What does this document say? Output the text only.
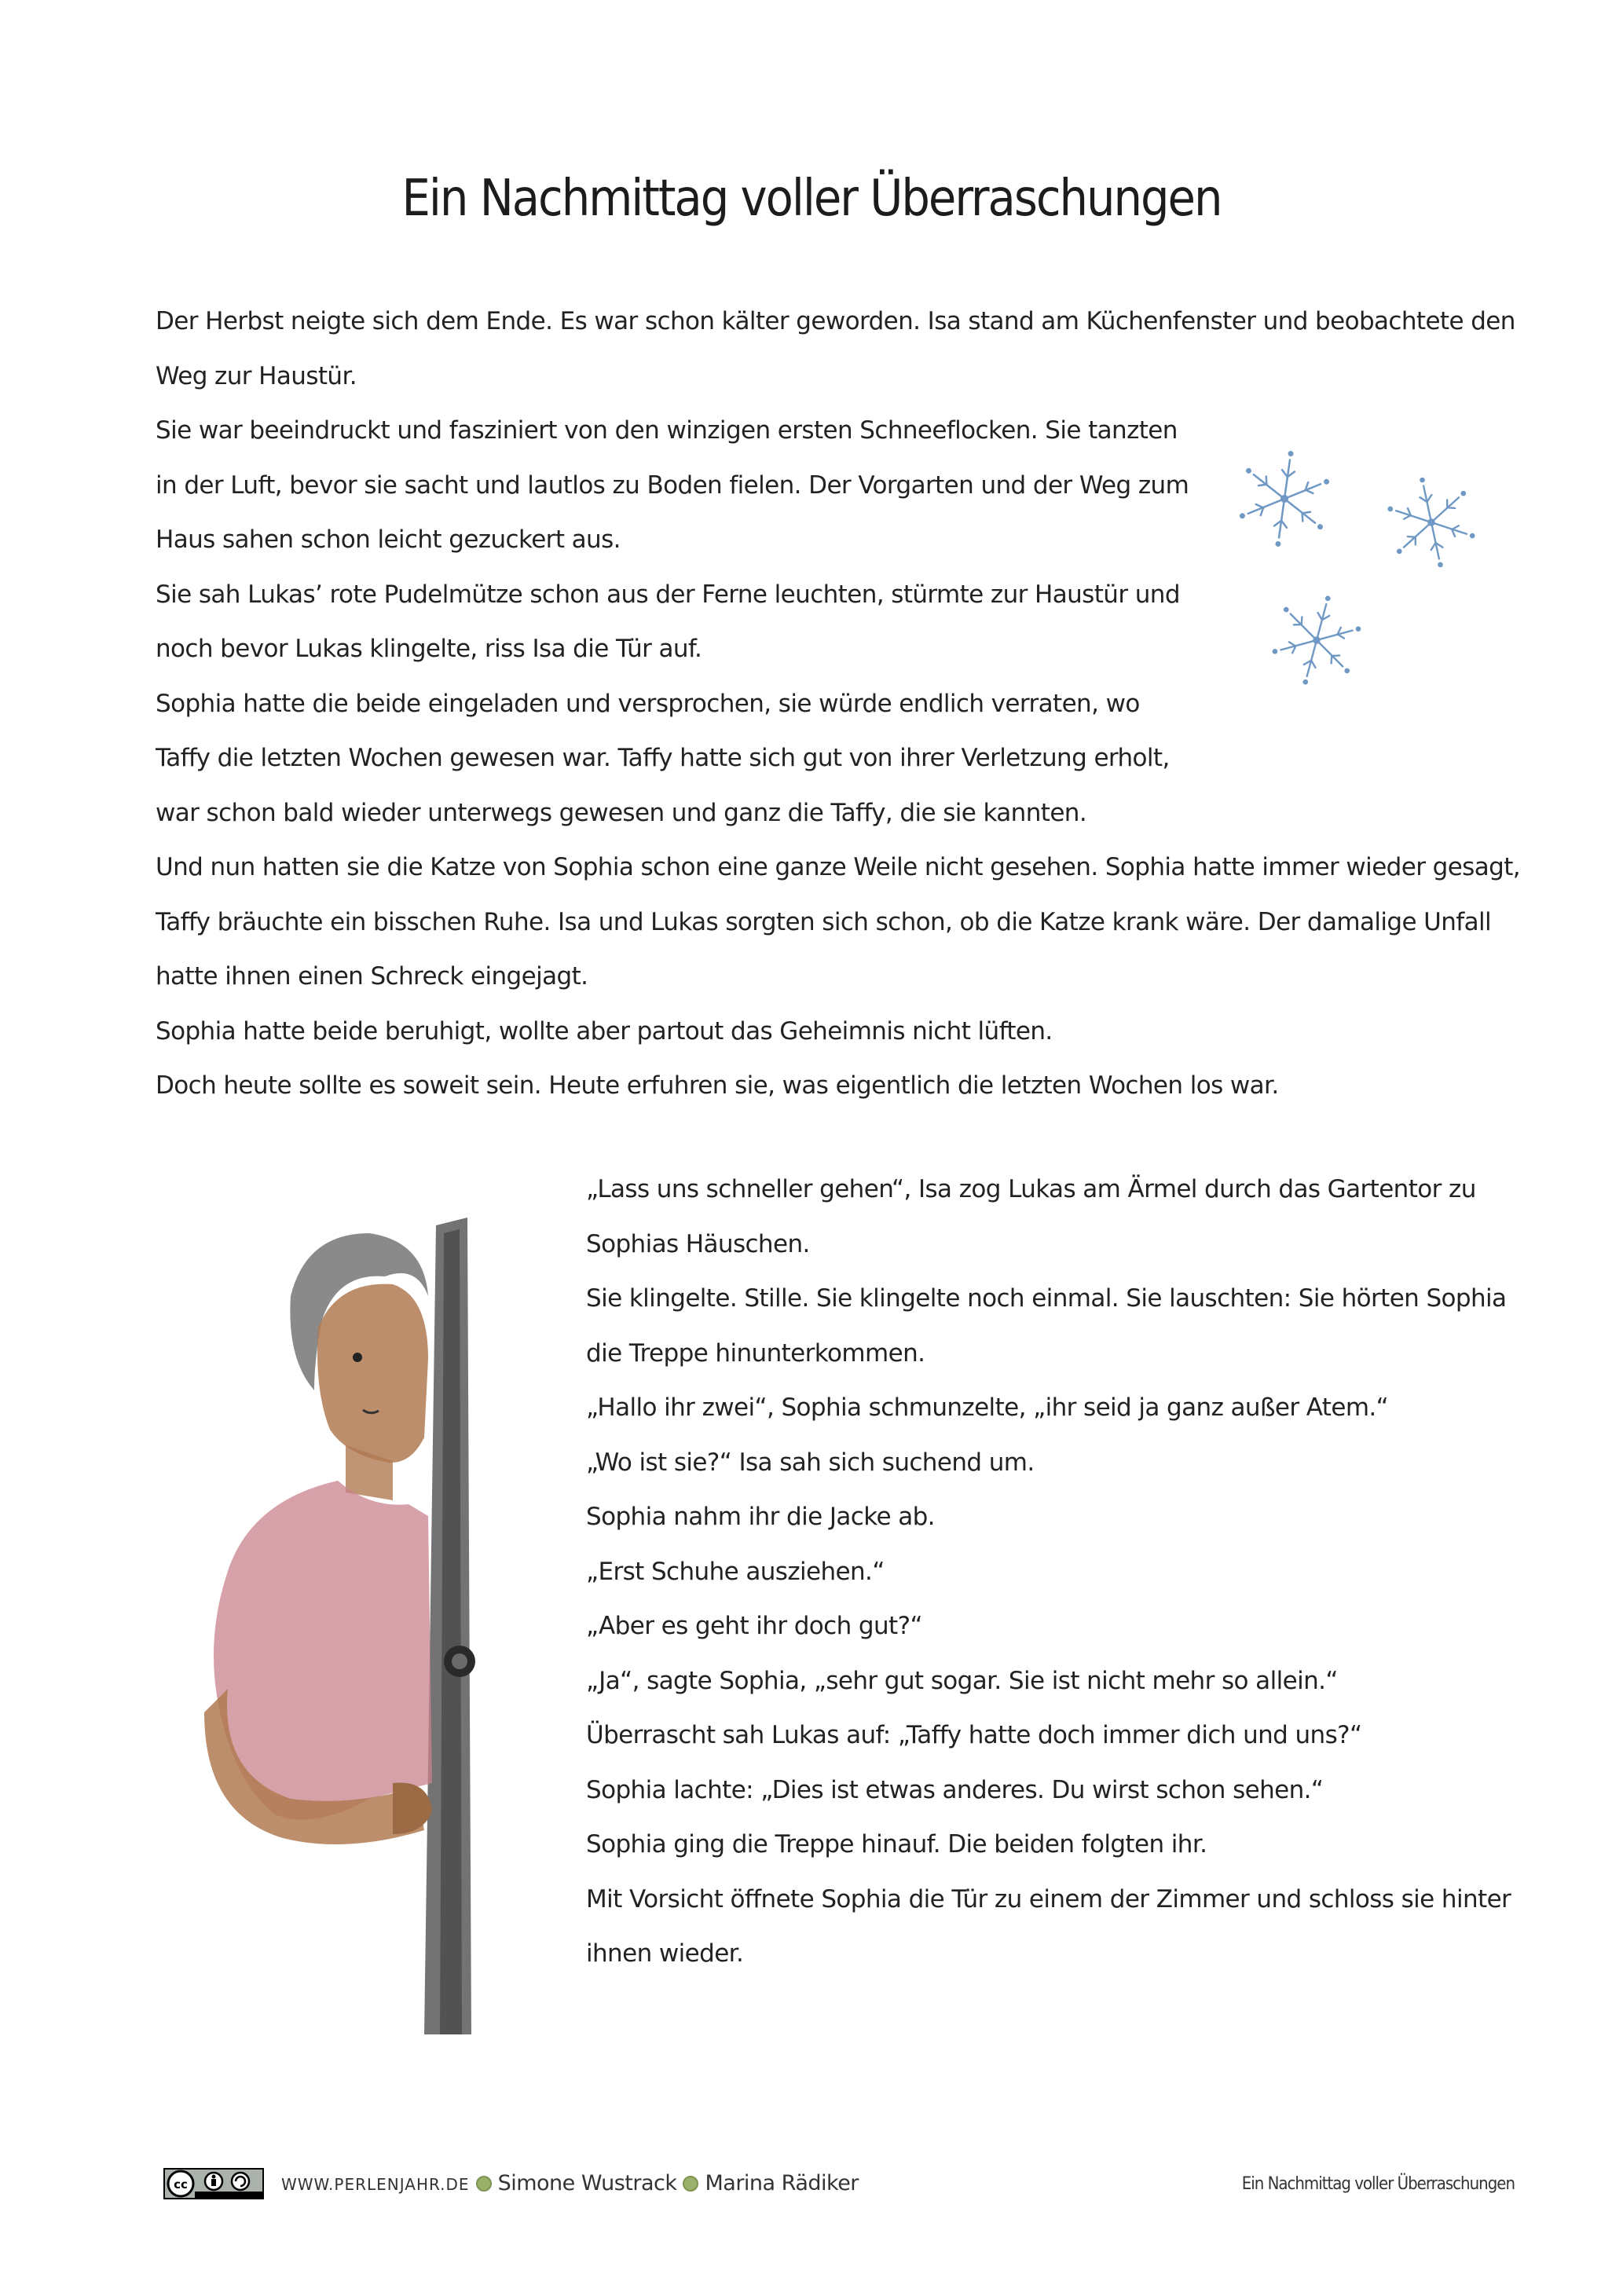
Ein Nachmittag voller Überraschungen

Der Herbst neigte sich dem Ende. Es war schon kälter geworden. Isa stand am Küchenfenster und beobachtete den Weg zur Haustür.

Sie war beeindruckt und fasziniert von den winzigen ersten Schneeflocken. Sie tanzten in der Luft, bevor sie sacht und lautlos zu Boden fielen. Der Vorgarten und der Weg zum Haus sahen schon leicht gezuckert aus.

Sie sah Lukas’ rote Pudelmütze schon aus der Ferne leuchten, stürmte zur Haustür und noch bevor Lukas klingelte, riss Isa die Tür auf.

Sophia hatte die beide eingeladen und versprochen, sie würde endlich verraten, wo Taffy die letzten Wochen gewesen war. Taffy hatte sich gut von ihrer Verletzung erholt, war schon bald wieder unterwegs gewesen und ganz die Taffy, die sie kannten.

Und nun hatten sie die Katze von Sophia schon eine ganze Weile nicht gesehen. Sophia hatte immer wieder gesagt, Taffy bräuchte ein bisschen Ruhe. Isa und Lukas sorgten sich schon, ob die Katze krank wäre. Der damalige Unfall hatte ihnen einen Schreck eingejagt.

Sophia hatte beide beruhigt, wollte aber partout das Geheimnis nicht lüften.

Doch heute sollte es soweit sein. Heute erfuhren sie, was eigentlich die letzten Wochen los war.

„Lass uns schneller gehen“, Isa zog Lukas am Ärmel durch das Gartentor zu Sophias Häuschen.

Sie klingelte. Stille. Sie klingelte noch einmal. Sie lauschten: Sie hörten Sophia die Treppe hinunterkommen.

„Hallo ihr zwei“, Sophia schmunzelte, „ihr seid ja ganz außer Atem.“

„Wo ist sie?“ Isa sah sich suchend um.

Sophia nahm ihr die Jacke ab.

„Erst Schuhe ausziehen.“

„Aber es geht ihr doch gut?“

„Ja“, sagte Sophia, „sehr gut sogar. Sie ist nicht mehr so allein.“

Überrascht sah Lukas auf: „Taffy hatte doch immer dich und uns?“

Sophia lachte: „Dies ist etwas anderes. Du wirst schon sehen.“

Sophia ging die Treppe hinauf. Die beiden folgten ihr.

Mit Vorsicht öffnete Sophia die Tür zu einem der Zimmer und schloss sie hinter ihnen wieder.

cc	WWW.PERLENJAHR.DE Simone Wustrack Marina Rädiker	Ein Nachmittag voller Überraschungen
